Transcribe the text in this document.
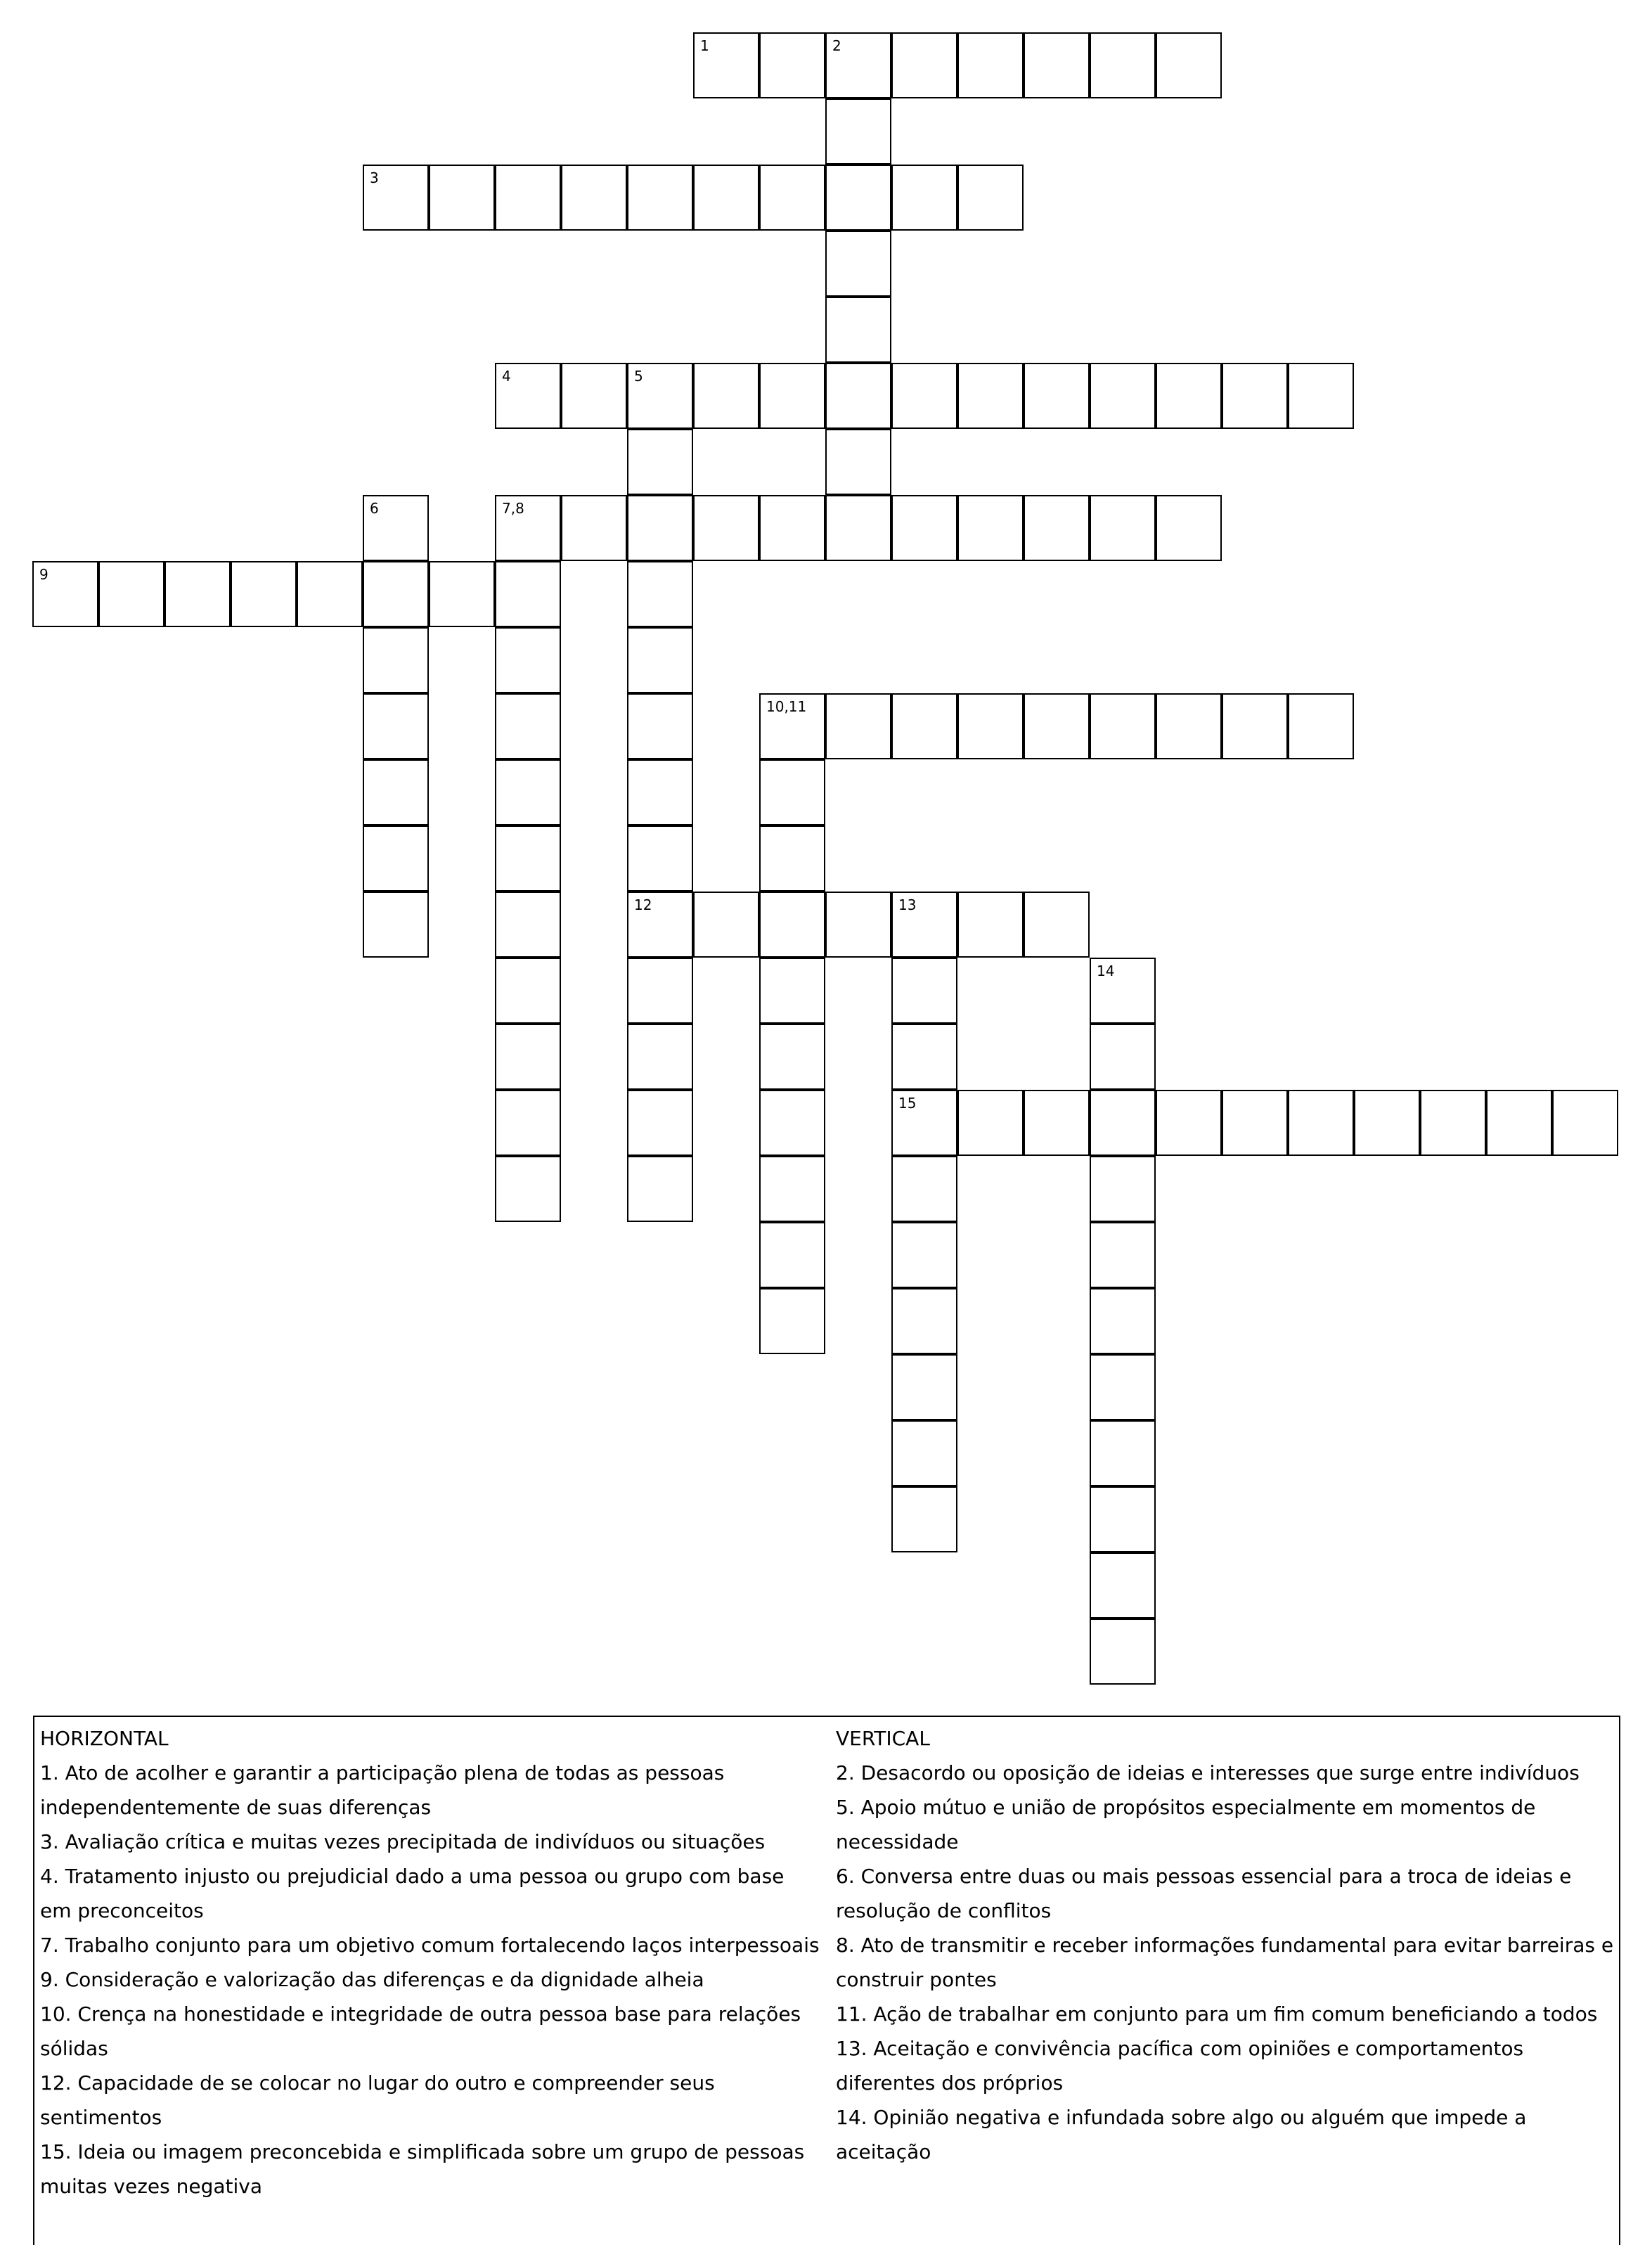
1	2
3
4	5
7,8
9
10,11
12	13
15
6
14

HORIZONTAL

1. Ato de acolher e garantir a participação plena de todas as pessoas independentemente de suas diferenças

3. Avaliação crítica e muitas vezes precipitada de indivíduos ou situações

4. Tratamento injusto ou prejudicial dado a uma pessoa ou grupo com base em preconceitos

7. Trabalho conjunto para um objetivo comum fortalecendo laços interpessoais

9. Consideração e valorização das diferenças e da dignidade alheia

10. Crença na honestidade e integridade de outra pessoa base para relações sólidas

12. Capacidade de se colocar no lugar do outro e compreender seus sentimentos

15. Ideia ou imagem preconcebida e simplificada sobre um grupo de pessoas muitas vezes negativa

VERTICAL

2. Desacordo ou oposição de ideias e interesses que surge entre indivíduos

5. Apoio mútuo e união de propósitos especialmente em momentos de necessidade

6. Conversa entre duas ou mais pessoas essencial para a troca de ideias e resolução de conflitos

8. Ato de transmitir e receber informações fundamental para evitar barreiras e construir pontes

11. Ação de trabalhar em conjunto para um fim comum beneficiando a todos

13. Aceitação e convivência pacífica com opiniões e comportamentos diferentes dos próprios

14. Opinião negativa e infundada sobre algo ou alguém que impede a aceitação
